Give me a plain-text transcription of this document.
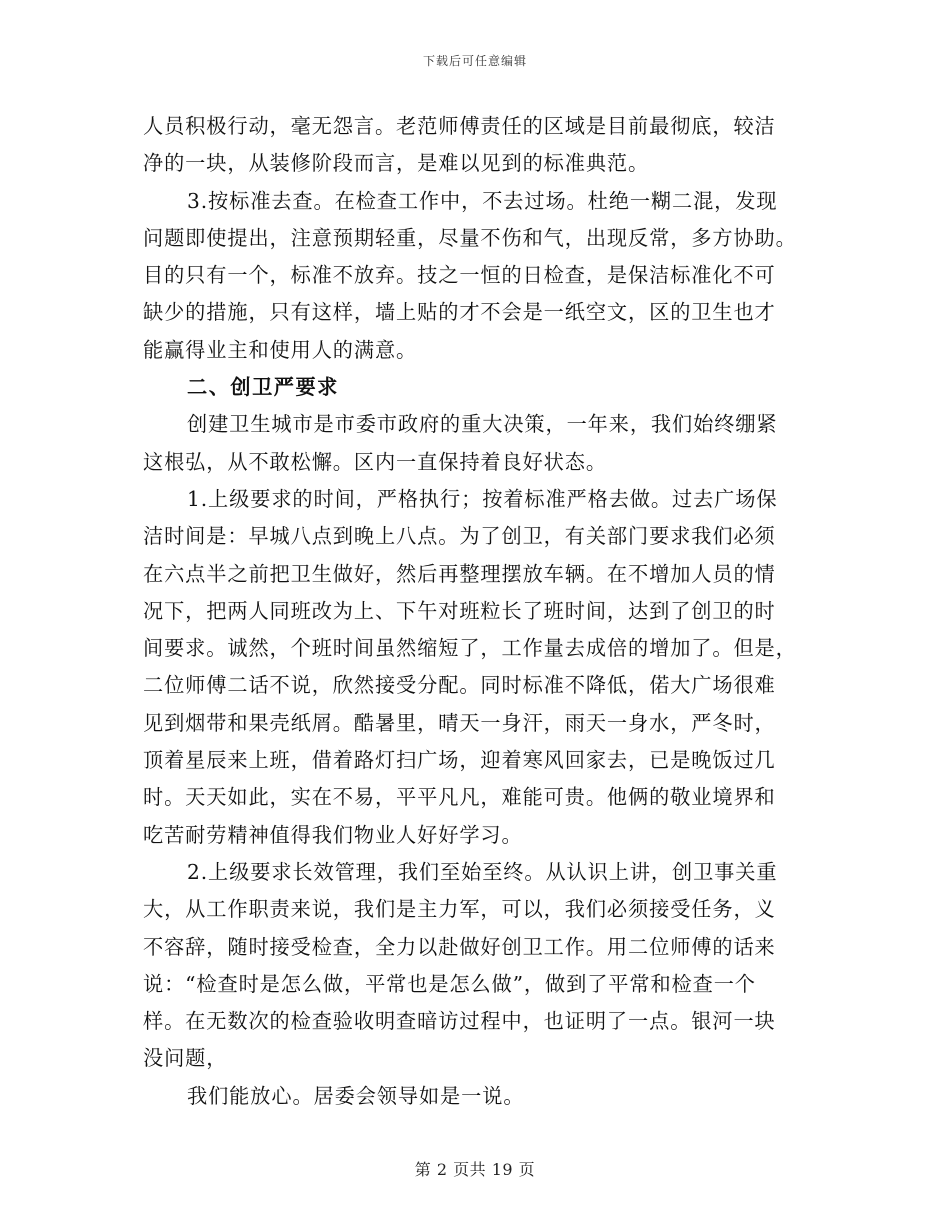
下载后可任意编辑
人员积极行动，毫无怨言。老范师傅责任的区域是目前最彻底，较洁
净的一块，从装修阶段而言，是难以见到的标准典范。
3.按标准去查。在检查工作中，不去过场。杜绝一糊二混，发现
问题即使提出，注意预期轻重，尽量不伤和气，出现反常，多方协助。
目的只有一个，标准不放弃。技之一恒的日检查，是保洁标准化不可
缺少的措施，只有这样，墙上贴的才不会是一纸空文，区的卫生也才
能赢得业主和使用人的满意。
二、创卫严要求
创建卫生城市是市委市政府的重大决策，一年来，我们始终绷紧
这根弘，从不敢松懈。区内一直保持着良好状态。
1.上级要求的时间，严格执行；按着标准严格去做。过去广场保
洁时间是：早城八点到晚上八点。为了创卫，有关部门要求我们必须
在六点半之前把卫生做好，然后再整理摆放车辆。在不增加人员的情
况下，把两人同班改为上、下午对班粒长了班时间，达到了创卫的时
间要求。诚然，个班时间虽然缩短了，工作量去成倍的增加了。但是，
二位师傅二话不说，欣然接受分配。同时标准不降低，偌大广场很难
见到烟带和果壳纸屑。酷暑里，晴天一身汗，雨天一身水，严冬时，
顶着星辰来上班，借着路灯扫广场，迎着寒风回家去，已是晚饭过几
时。天天如此，实在不易，平平凡凡，难能可贵。他俩的敬业境界和
吃苦耐劳精神值得我们物业人好好学习。
2.上级要求长效管理，我们至始至终。从认识上讲，创卫事关重
大，从工作职责来说，我们是主力军，可以，我们必须接受任务，义
不容辞，随时接受检查，全力以赴做好创卫工作。用二位师傅的话来
说：“检查时是怎么做，平常也是怎么做”，做到了平常和检查一个
样。在无数次的检查验收明查暗访过程中，也证明了一点。银河一块
没问题，
我们能放心。居委会领导如是一说。
第 2 页共 19 页
